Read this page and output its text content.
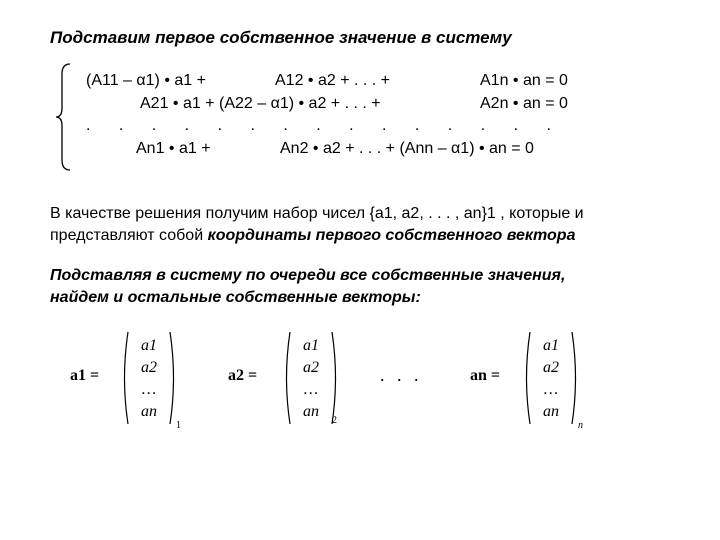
Подставим первое собственное значение в систему
(A11 – α1) • a1 +	A12 • a2 + . . . +	A1n • an = 0
A21 • a1 + (A22 – α1) • a2 + . . . +	A2n • an = 0
. . . . . . . . . . . . . . .
An1 • a1 +	An2 • a2 + . . . + (Ann – α1) • an = 0
В качестве решения получим набор чисел {a1, a2, . . . , an}1 , которые и
представляют собой координаты первого собственного вектора
Подставляя в систему по очереди все собственные значения,
найдем и остальные собственные векторы:
a1 =
a1
a2
…
an
1
a2 =
a1
a2
…
an
2
. . .	an =
a1
a2
…
an
n
